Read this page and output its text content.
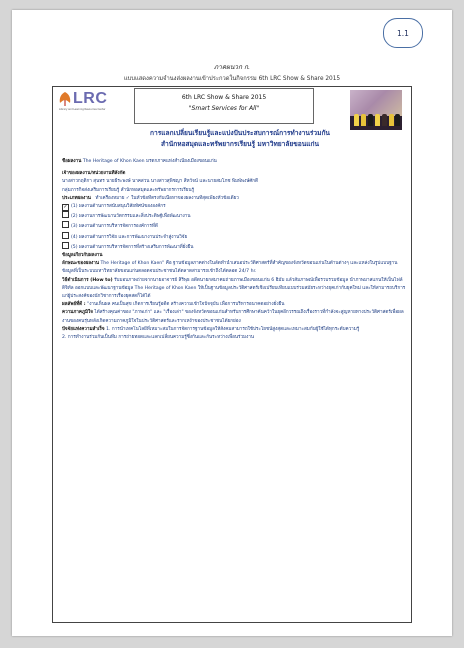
1.1
ภาคผนวก ก.
แบบแสดงความจำนงส่งผลงานเข้าประกวดในกิจกรรม 6th LRC Show & Share 2015
LRC
Library and Learning Resources Center
6th LRC Show & Share 2015
"Smart Services for All"
การแลกเปลี่ยนเรียนรู้และแบ่งปันประสบการณ์การทำงานร่วมกัน
สำนักหอสมุดและทรัพยากรเรียนรู้ มหาวิทยาลัยขอนแก่น
ชื่อผลงาน The Heritage of Khon Kaen มรดกภาคแห่งสำเนียงเมืองขอนแก่น
เจ้าของผลงาน/หน่วยงานที่สังกัด
นางสาวกฤติกา สุนทร นายธีระพงษ์ นาคสวน นางสาวสุพิชญา สีหวัจน์ และนายสมโภช พิมพ์พงษ์ศักดิ์
กลุ่มภารกิจส่งเสริมการเรียนรู้ สำนักหอสมุดและทรัพยากรการเรียนรู้
ประเภทผลงาน ทำเครื่องหมาย ✓ ในหัวข้อที่ตรงกับเนื้อหาของผลงานที่สุดเพียงหัวข้อเดียว
✓ (1) ผลงานด้านการสนับสนุนวิสัยทัศน์ขององค์กร
(2) ผลงานการพัฒนานวัตกรรมและสิ่งประดิษฐ์เพื่อพัฒนางาน
(3) ผลงานด้านการบริหารจัดการองค์การที่ดี
(4) ผลงานด้านการวิจัย และการพัฒนางานประจำสู่งานวิจัย
(5) ผลงานด้านการบริหารจัดการที่สร้างเสริมการพัฒนาที่ยั่งยืน
ข้อมูลเกี่ยวกับผลงาน
ลักษณะของผลงาน The Heritage of Khon Kaen" คือ ฐานข้อมูลภาคต่างในลัดทำนำเสนอประวัติศาสตร์ที่สำคัญของจังหวัดขอนแก่นในด้านต่างๆ และแหล่งในรูปแบบฐานข้อมูลที่เป็นระบบมหาวิทยาลัยขอนแก่นตลอดจนประชาชนได้ตลาดสามารถเข้าถึงได้ตลอด 24/7 hr.
วิธีดำเนินการ (How to) รับมอบภาพถ่ายจากนายอาจารย์ สิริพุธ อดีตนายกสมาคมถ่ายภาพเมืองขอนแก่น 6 ฮิมัม แล้วสัมภาษณ์เพื่อรวบรวมข้อมูล นำภาพมาสแกนให้เป็นไฟล์ดิจิทัล ออกแบบและพัฒนาฐานข้อมูล The Heritage of Khon Kaen ให้เป็นฐานข้อมูลประวัติศาสตร์เชิงเปรียบเทียบแบบร่วมสมัยระหว่างยุคเก่ากับยุคใหม่ และให้สามารถบริการแก่ผู้ประสงค์ของนักวิชาการเรื่องยุคสดก็ได้ได้
ผลลัพธ์ที่ดี : "งานเห็นผล คนเป็นสุข เกิดการเรียนรู้อดีต สร้างความเข้าใจปัจจุบัน เพื่อการบริหารอนาคตอย่างยั่งยืน
ความภาคภูมิใจ ได้สร้างคุณค่าของ "ภาพเก่า" และ "เรื่องเล่า" ของจังหวัดขอนแก่นสำหรับการศึกษาค้นคว้าในยุคอีกวรรณถึงเรื่องราวที่กำลังจะสูญหายทางประวัติศาสตร์เพื่อผลงานของคนรุ่นหลังเกิดความภาคภูมิใจในประวัติศาสตร์และรากเหง้าของประชาชนได้ยกย่อง
ปัจจัยแห่งความสำเร็จ 1. การนำเทคโนโลยีที่เหมาะสมในการจัดการฐานข้อมูลให้สังคมสามารถใช้ประโยชน์สูงสุดและเหมาะสมกับผู้ใช้ได้ทุกระดับความรู้
2. การทำงานร่วมกันเป็นทีม การถ่ายทอดและแลกเปลี่ยนความรู้ซึ่งกันและกันระหว่างเพื่อนร่วมงาน
